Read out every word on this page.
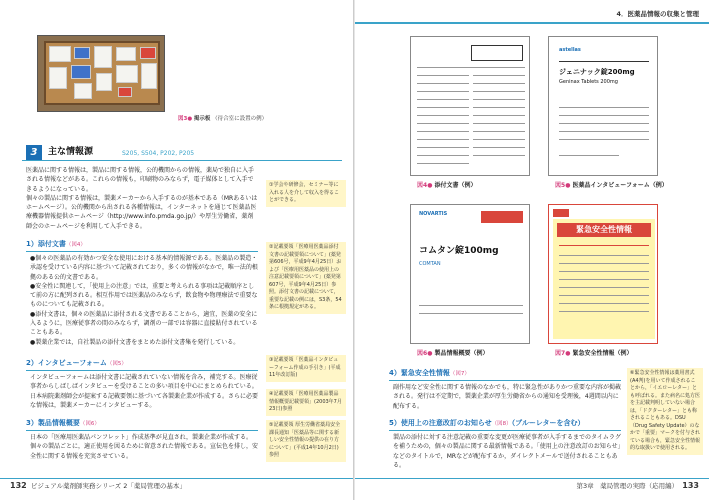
図3● 掲示板 （待合室に設置の例）
3	主な情報源	S205, S504, P202, P205

医薬品に関する情報は，製品に関する情報，公的機関からの情報，薬局で独自に入手される情報などがある。これらの情報も，印刷物のみならず，電子媒体として入手できるようになっている。

個々の製品に関する情報は，製薬メーカーから入手するのが基本である（MRあるいはホームページ）。公的機関から出される各種情報は，インターネットを通じて医薬品医療機器情報提供ホームページ（http://www.info.pmda.go.jp/）や厚生労働省，薬剤師会のホームページを利用して入手できる。

1）添付文書（図4）

●個々の医薬品の有効かつ安全な使用における基本的情報源である。医薬品の製造・承認を受けている内容に基づいて記載されており，多くの情報がなかで，唯一法的根拠のある公的文書である。

●安全性に関連して，「使用上の注意」では，重要と考えられる事項は記載順序として前の方に配列される。相互作用では医薬品のみならず，飲食物や物理療法で重要なものについても記載される。

●添付文書は，個々の医薬品に添付される文書であることから，適宜，医薬の安全に入るように，医療従事者の間のみならず，調剤の一部では容器に直接貼付されていることもある。

●製薬企業では，自社製品の添付文書をまとめた添付文書集を発行している。

2）インタビューフォーム（図5）
インタビューフォームは添付文書に記載されていない情報を含み，補完する。医療従事者からしばしばインタビューを受けることの多い項目を中心にまとめられている。日本病院薬剤師会が提案する記載要領に基づいて各製薬企業が作成する。さらに必要な情報は，製薬メーカーにインタビューする。
3）製品情報概要（図6）
日本の「医療用医薬品パンフレット」作成基準が見直され，製薬企業が作成する。個々の製品ごとに，適正使用を図るために留意された情報である。宣伝色を排し，安全性に関する情報を充実させている。
①学会や研修会，セミナー等に入れる人を介して収入を得ることができる。
②記載要領「医療用医薬品添付文書の記載要領について」(薬発第606号，平成9年4月25日）および「医療用医薬品の使用上の注意記載要領について」(薬発第607号，平成9年4月25日）参照。添付文書の記載について，重要な記載の例には，S3条，54条に根拠規定がある。
③記載要領「医薬品インタビューフォーム作成の手引き」(平成11年改訂版)
④記載要領「医療用医薬品製品情報概要記載要領」(2003年7月23日)参照
⑤記載要領 厚生労働省薬局安全課長通知「医薬品等に関する新しい安全性情報の提供の在り方について」(平成14年10月2日) 参照
132 ビジュアル薬剤師実務シリーズ 2「薬局管理の基本」
4．医薬品情報の収集と管理
図4● 添付文書（例）
astellas
ジェニナック錠200mg
Geninax Tablets 200mg
図5● 医薬品インタビューフォーム（例）
NOVARTIS
コムタン錠100mg
COMTAN
図6● 製品情報概要（例）
緊急安全性情報
図7● 緊急安全性情報（例）
4）緊急安全性情報（図7）
副作用など安全性に関する情報のなかでも，特に緊急性がありかつ重要な内容が掲載される。発行は不定期で，製薬企業が厚生労働省からの通知を受理後，4週間以内に配布する。
5）使用上の注意改訂のお知らせ（図8）（ブルーレターを含む）
製品の添付に対する注意記載の重要な変更が医療従事者が入手するまでのタイムラグを補うための，個々の製品に関する最新情報である。「使用上の注意改訂のお知らせ」などのタイトルで，MRなどが配布するか，ダイレクトメールで送付されることもある。
⑥緊急安全性情報は薬用書式(A4判)を用いて作成されることから，「イエローレター」とも呼ばれる。また病名に処方医を主記載判明していない場合は，「ドクターレター」とも称されることもある。DSU（Drug Safety Update）のなかで「重要」マークを付与されている場合も，緊急安全性情報的な取扱いで使用される。
第3章　薬局管理の実際（応用編） 133
